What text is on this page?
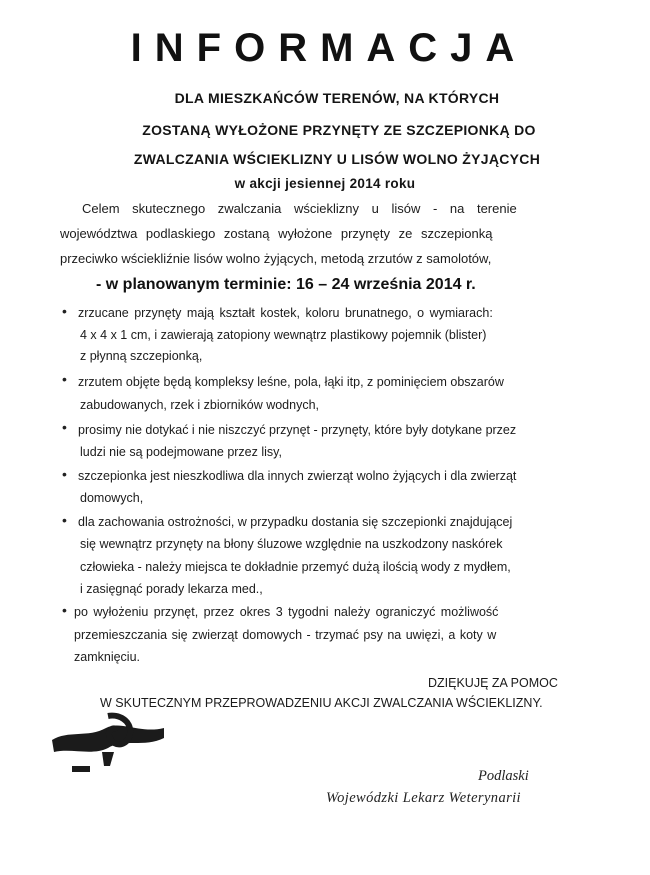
INFORMACJA
DLA MIESZKAŃCÓW TERENÓW, NA KTÓRYCH
ZOSTANĄ WYŁOŻONE PRZYNĘTY ZE SZCZEPIONKĄ DO
ZWALCZANIA WŚCIEKLIZNY U LISÓW WOLNO ŻYJĄCYCH
w akcji jesiennej 2014 roku
Celem skutecznego zwalczania wścieklizny u lisów - na terenie
województwa podlaskiego zostaną wyłożone przynęty ze szczepionką
przeciwko wściekliźnie lisów wolno żyjących, metodą zrzutów z samolotów,
- w planowanym terminie: 16 – 24 września 2014 r.
• zrzucane przynęty mają kształt kostek, koloru brunatnego, o wymiarach:
4 x 4 x 1 cm, i zawierają zatopiony wewnątrz plastikowy pojemnik (blister)
z płynną szczepionką,
• zrzutem objęte będą kompleksy leśne, pola, łąki itp, z pominięciem obszarów
zabudowanych, rzek i zbiorników wodnych,
• prosimy nie dotykać i nie niszczyć przynęt - przynęty, które były dotykane przez
ludzi nie są podejmowane przez lisy,
• szczepionka jest nieszkodliwa dla innych zwierząt wolno żyjących i dla zwierząt
domowych,
• dla zachowania ostrożności, w przypadku dostania się szczepionki znajdującej
się wewnątrz przynęty na błony śluzowe względnie na uszkodzony naskórek
człowieka - należy miejsca te dokładnie przemyć dużą ilością wody z mydłem,
i zasięgnąć porady lekarza med.,
• po wyłożeniu przynęt, przez okres 3 tygodni należy ograniczyć możliwość
przemieszczania się zwierząt domowych - trzymać psy na uwięzi, a koty w
zamknięciu.
DZIĘKUJĘ ZA POMOC
W SKUTECZNYM PRZEPROWADZENIU AKCJI ZWALCZANIA WŚCIEKLIZNY.
Podlaski
Wojewódzki Lekarz Weterynarii
